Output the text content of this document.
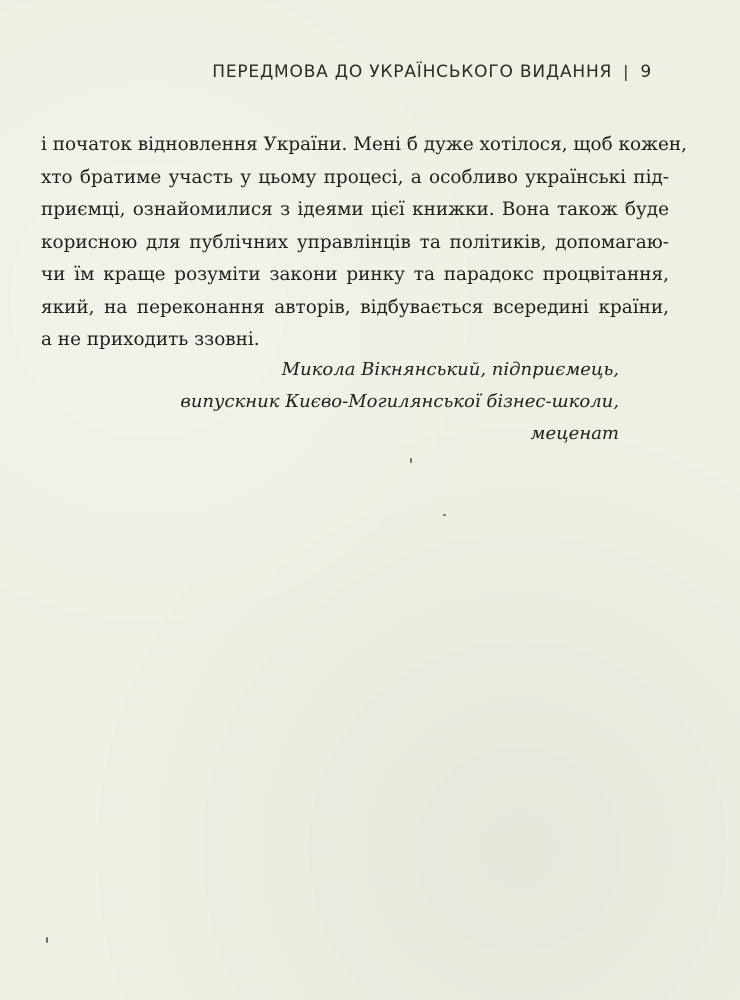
ПЕРЕДМОВА ДО УКРАЇНСЬКОГО ВИДАННЯ | 9

і початок відновлення України. Мені б дуже хотілося, щоб кожен,
хто братиме участь у цьому процесі, а особливо українські під-
приємці, ознайомилися з ідеями цієї книжки. Вона також буде
корисною для публічних управлінців та політиків, допомагаю-
чи їм краще розуміти закони ринку та парадокс процвітання,
який, на переконання авторів, відбувається всередині країни,
а не приходить ззовні.

Микола Вікнянський, підприємець,
випускник Києво-Могилянської бізнес-школи,
меценат
